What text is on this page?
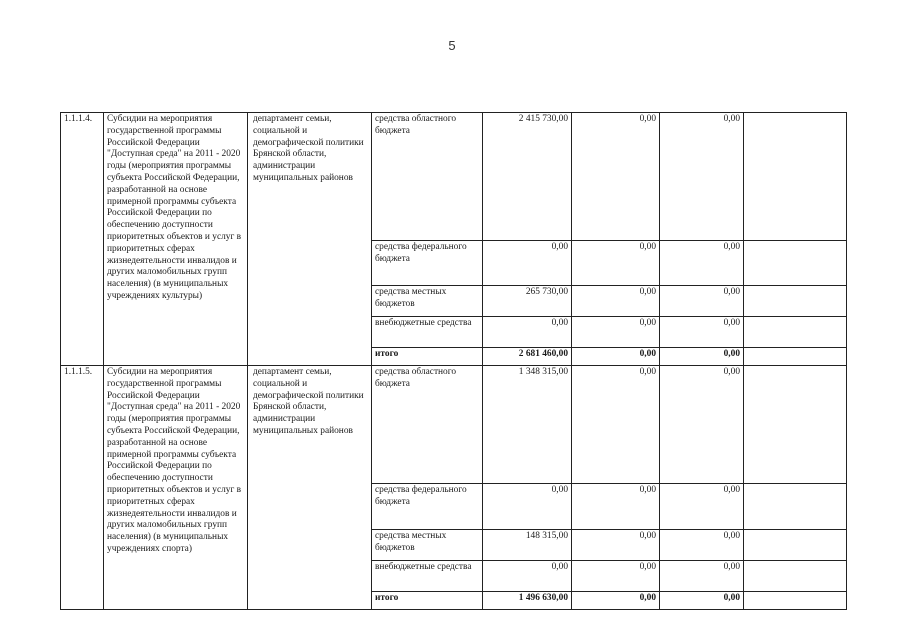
5
1.1.1.4.	Субсидии на мероприятия государственной программы Российской Федерации "Доступная среда" на 2011 - 2020 годы (мероприятия программы субъекта Российской Федерации, разработанной на основе примерной программы субъекта Российской Федерации по обеспечению доступности приоритетных объектов и услуг в приоритетных сферах жизнедеятельности инвалидов и других маломобильных групп населения) (в муниципальных учреждениях культуры)	департамент семьи, социальной и демографической политики Брянской области, администрации муниципальных районов	средства областного бюджета	2 415 730,00	0,00	0,00	
			средства федерального бюджета	0,00	0,00	0,00	
			средства местных бюджетов	265 730,00	0,00	0,00	
			внебюджетные средства	0,00	0,00	0,00	
			итого	2 681 460,00	0,00	0,00	
1.1.1.5.	Субсидии на мероприятия государственной программы Российской Федерации "Доступная среда" на 2011 - 2020 годы (мероприятия программы субъекта Российской Федерации, разработанной на основе примерной программы субъекта Российской Федерации по обеспечению доступности приоритетных объектов и услуг в приоритетных сферах жизнедеятельности инвалидов и других маломобильных групп населения) (в муниципальных учреждениях спорта)	департамент семьи, социальной и демографической политики Брянской области, администрации муниципальных районов	средства областного бюджета	1 348 315,00	0,00	0,00	
			средства федерального бюджета	0,00	0,00	0,00	
			средства местных бюджетов	148 315,00	0,00	0,00	
			внебюджетные средства	0,00	0,00	0,00	
			итого	1 496 630,00	0,00	0,00	
